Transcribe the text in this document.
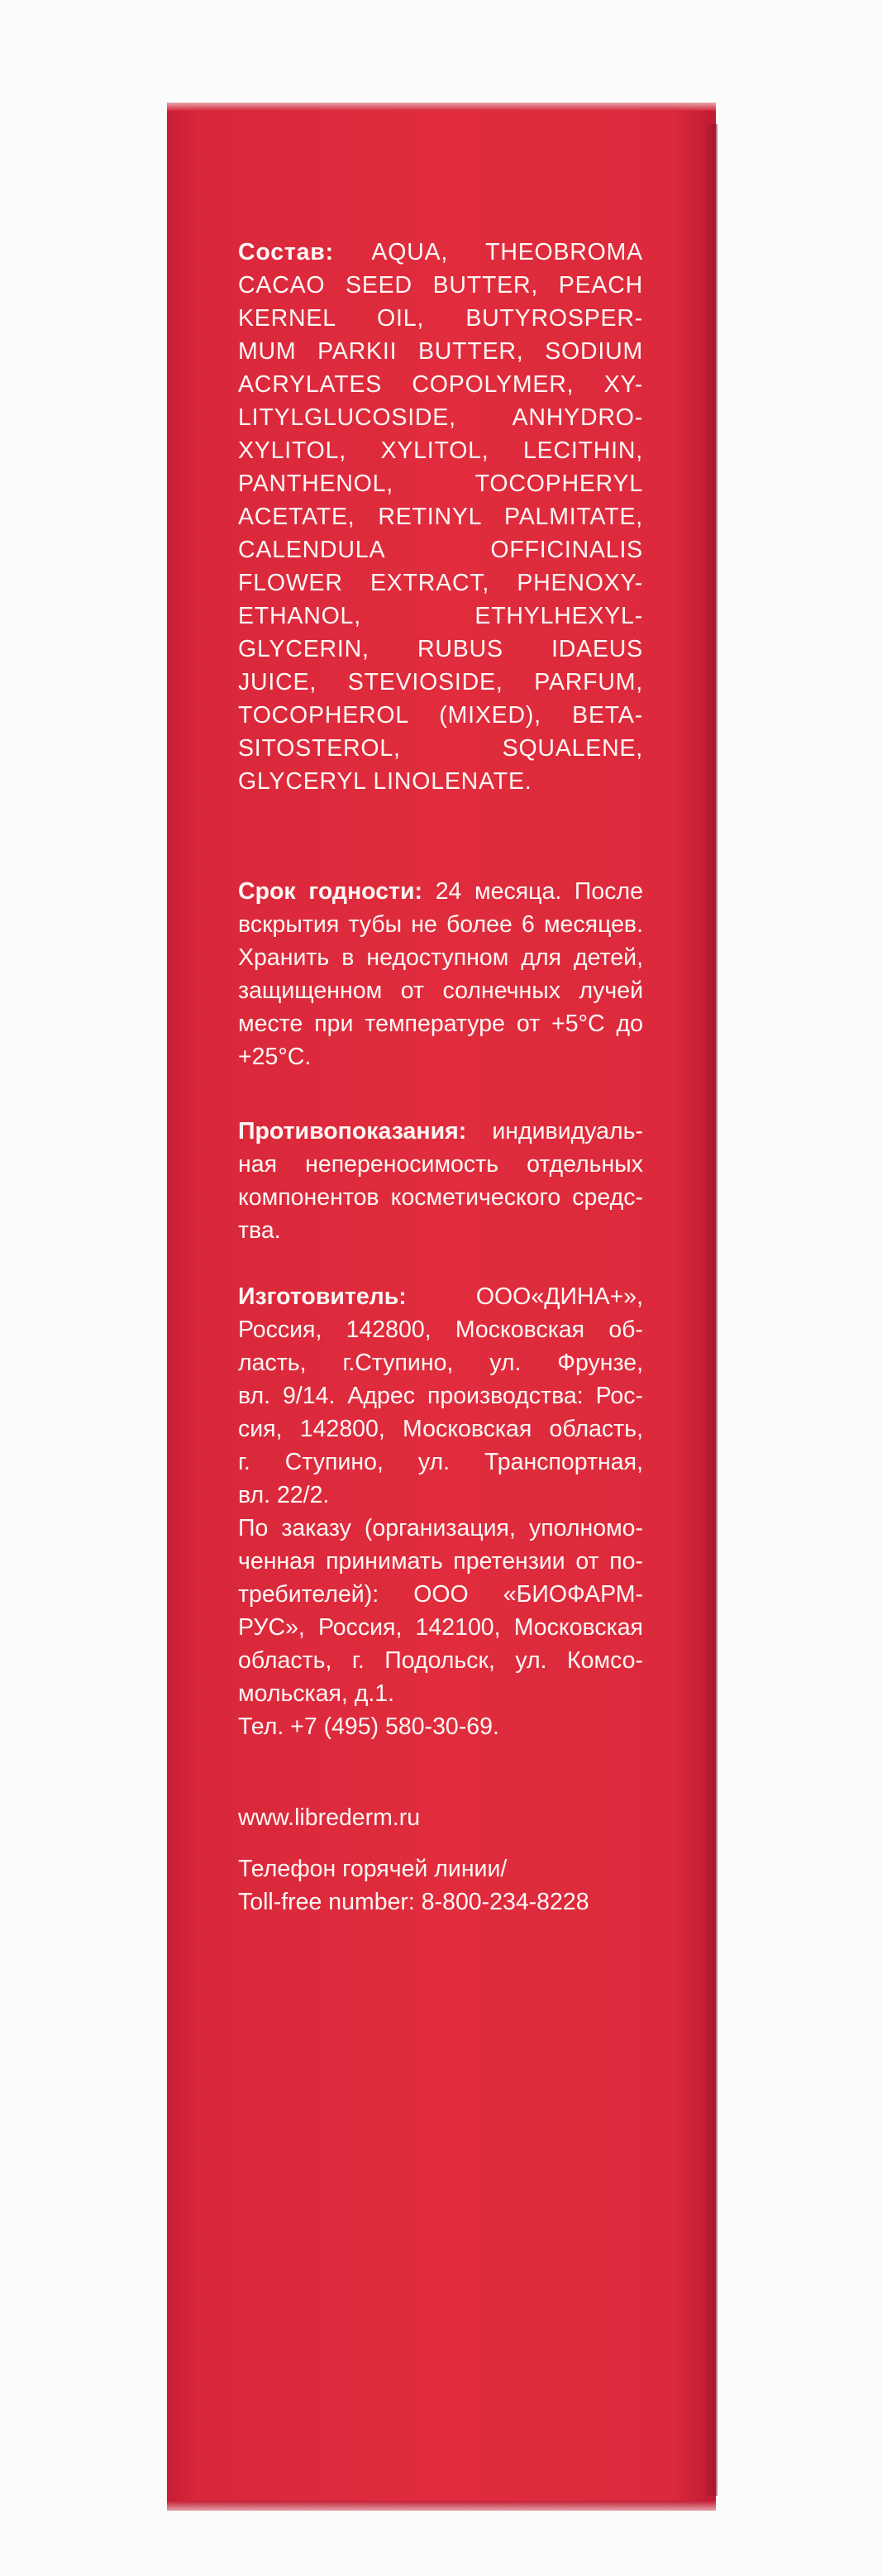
Состав: AQUA, THEOBROMA
CACAO SEED BUTTER, PEACH
KERNEL OIL, BUTYROSPER-
MUM PARKII BUTTER, SODIUM
ACRYLATES COPOLYMER, XY-
LITYLGLUCOSIDE, ANHYDRO-
XYLITOL, XYLITOL, LECITHIN,
PANTHENOL, TOCOPHERYL
ACETATE, RETINYL PALMITATE,
CALENDULA OFFICINALIS
FLOWER EXTRACT, PHENOXY-
ETHANOL, ETHYLHEXYL-
GLYCERIN, RUBUS IDAEUS
JUICE, STEVIOSIDE, PARFUM,
TOCOPHEROL (MIXED), BETA-
SITOSTEROL, SQUALENE,
GLYCERYL LINOLENATE.
Срок годности: 24 месяца. После
вскрытия тубы не более 6 месяцев.
Хранить в недоступном для детей,
защищенном от солнечных лучей
месте при температуре от +5°С до
+25°С.
Противопоказания: индивидуаль-
ная непереносимость отдельных
компонентов косметического средс-
тва.
Изготовитель:	ООО«ДИНА+»,
Россия, 142800, Московская об-
ласть, г.Ступино, ул. Фрунзе,
вл. 9/14. Адрес производства: Рос-
сия, 142800, Московская область,
г. Ступино, ул. Транспортная,
вл. 22/2.
По заказу (организация, уполномо-
ченная принимать претензии от по-
требителей): ООО «БИОФАРМ-
РУС», Россия, 142100, Московская
область, г. Подольск, ул. Комсо-
мольская, д.1.
Тел. +7 (495) 580-30-69.
www.librederm.ru
Телефон горячей линии/
Toll-free number: 8-800-234-8228
